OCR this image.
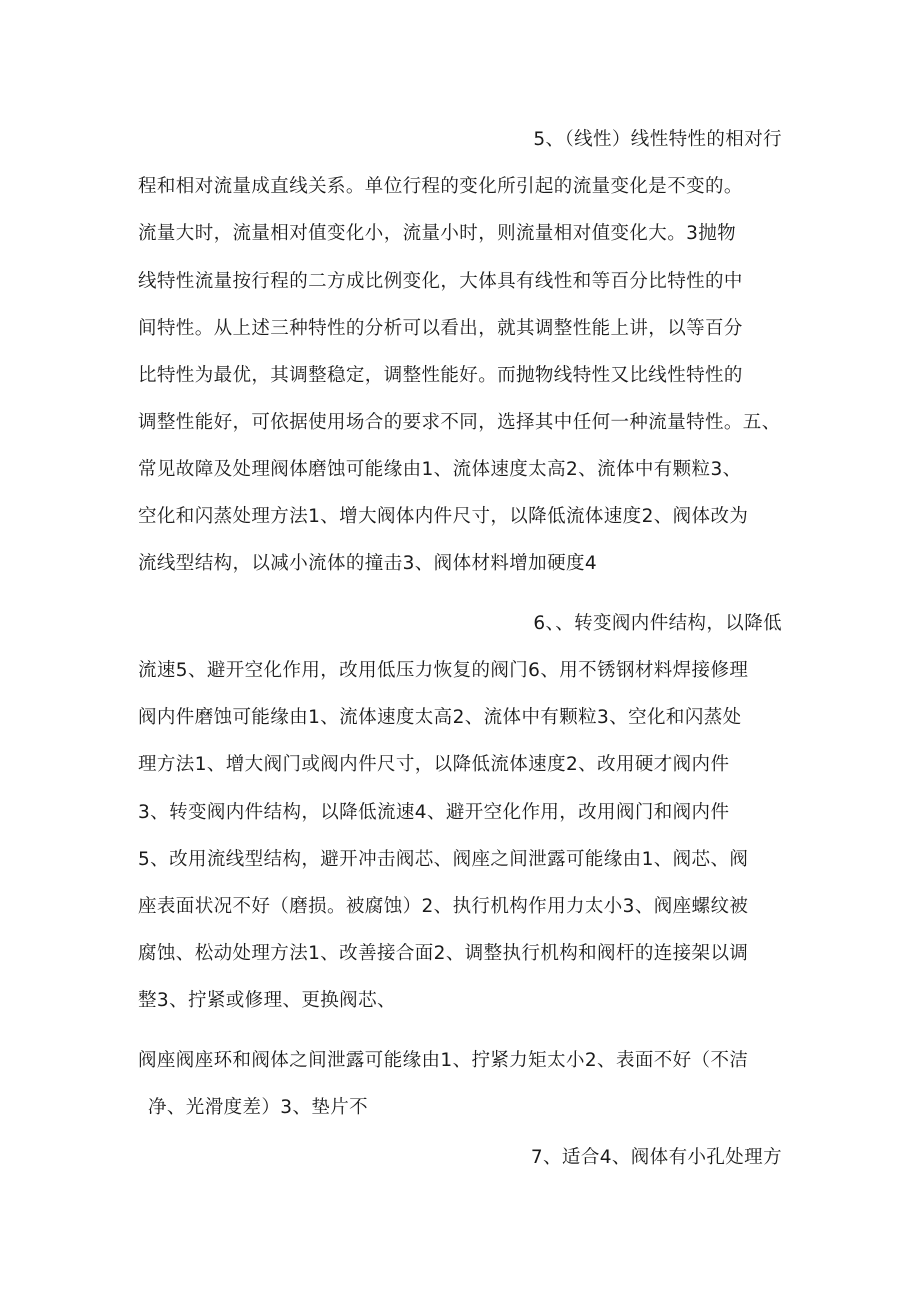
5、（线性）线性特性的相对行
程和相对流量成直线关系。单位行程的变化所引起的流量变化是不变的。
流量大时，流量相对值变化小，流量小时，则流量相对值变化大。3抛物
线特性流量按行程的二方成比例变化，大体具有线性和等百分比特性的中
间特性。从上述三种特性的分析可以看出，就其调整性能上讲，以等百分
比特性为最优，其调整稳定，调整性能好。而抛物线特性又比线性特性的
调整性能好，可依据使用场合的要求不同，选择其中任何一种流量特性。五、
常见故障及处理阀体磨蚀可能缘由1、流体速度太高2、流体中有颗粒3、
空化和闪蒸处理方法1、增大阀体内件尺寸，以降低流体速度2、阀体改为
流线型结构，以减小流体的撞击3、阀体材料增加硬度4
6、、转变阀内件结构，以降低
流速5、避开空化作用，改用低压力恢复的阀门6、用不锈钢材料焊接修理
阀内件磨蚀可能缘由1、流体速度太高2、流体中有颗粒3、空化和闪蒸处
理方法1、增大阀门或阀内件尺寸，以降低流体速度2、改用硬才阀内件
3、转变阀内件结构，以降低流速4、避开空化作用，改用阀门和阀内件
5、改用流线型结构，避开冲击阀芯、阀座之间泄露可能缘由1、阀芯、阀
座表面状况不好（磨损。被腐蚀）2、执行机构作用力太小3、阀座螺纹被
腐蚀、松动处理方法1、改善接合面2、调整执行机构和阀杆的连接架以调
整3、拧紧或修理、更换阀芯、
阀座阀座环和阀体之间泄露可能缘由1、拧紧力矩太小2、表面不好（不洁
净、光滑度差）3、垫片不
7、适合4、阀体有小孔处理方
